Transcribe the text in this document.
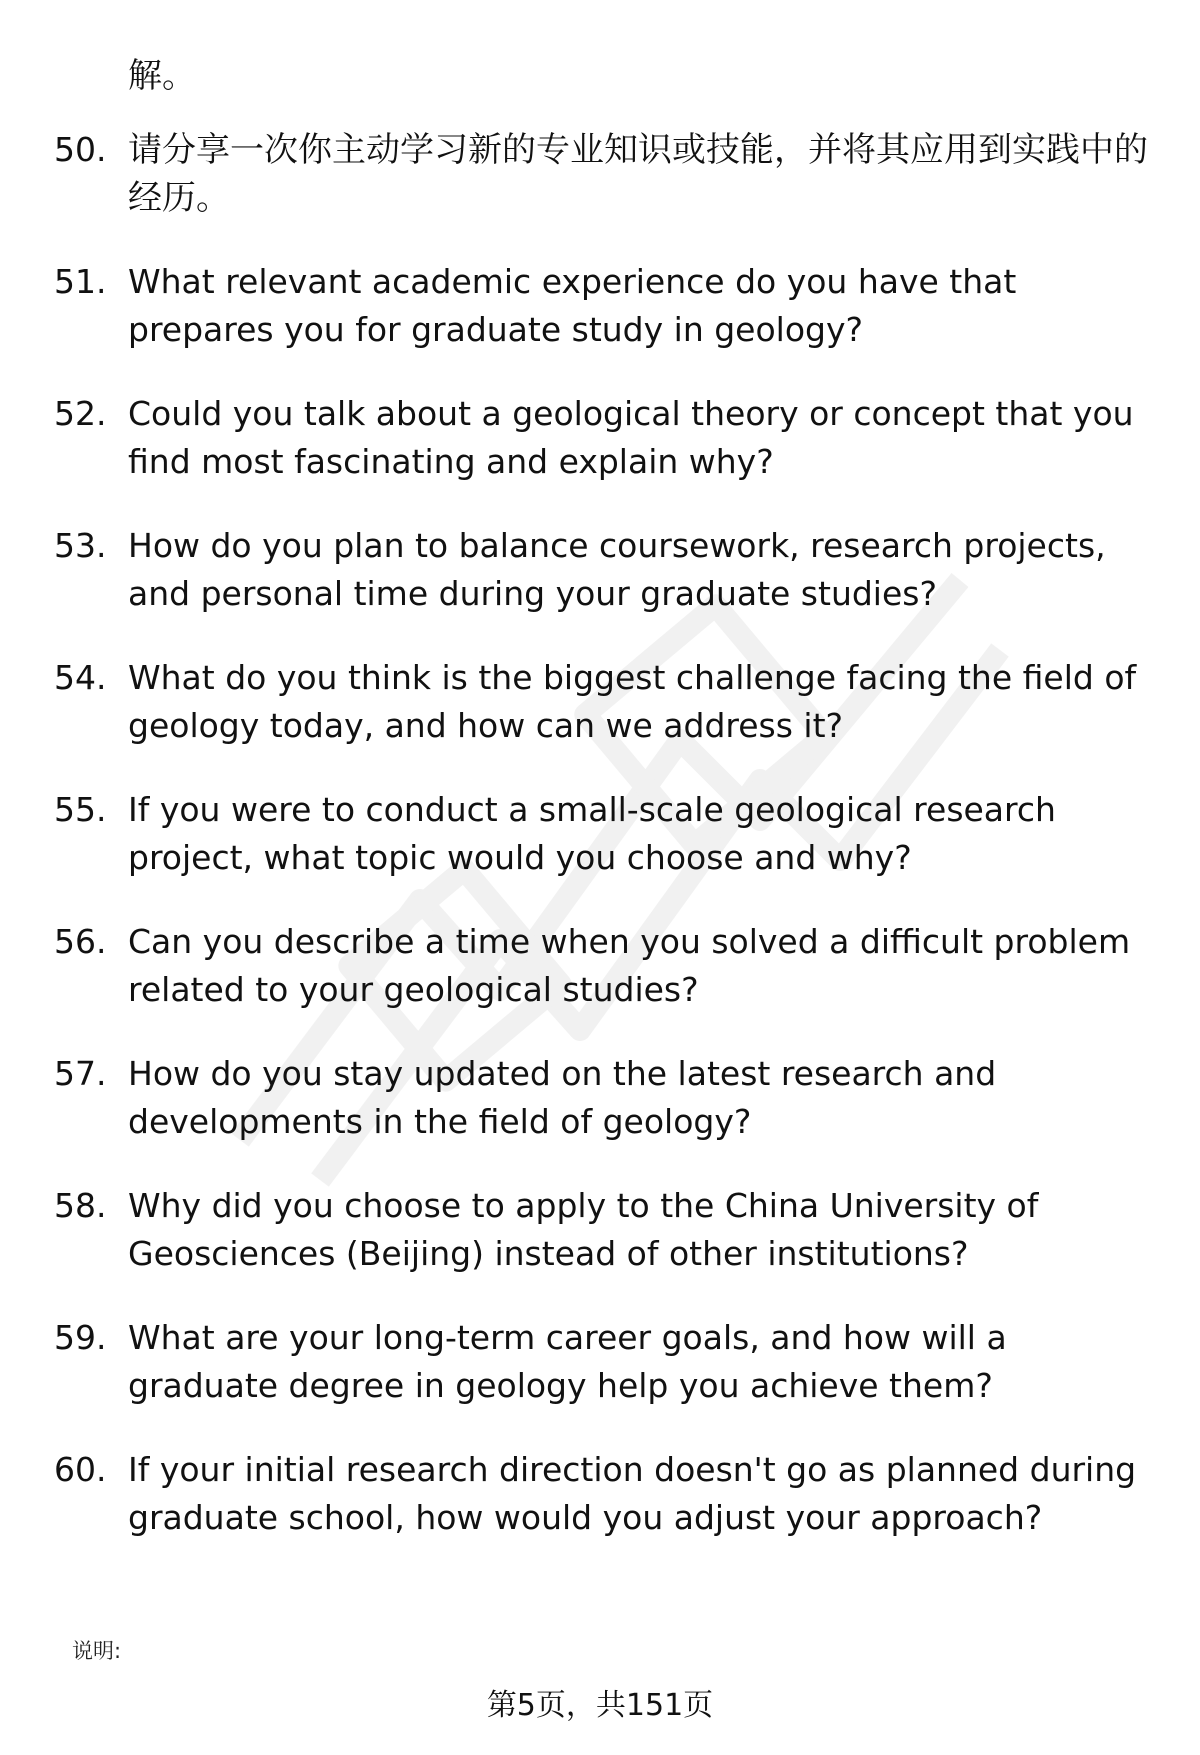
解。
50. 请分享一次你主动学习新的专业知识或技能，并将其应用到实践中的经历。
51. What relevant academic experience do you have that prepares you for graduate study in geology?
52. Could you talk about a geological theory or concept that you find most fascinating and explain why?
53. How do you plan to balance coursework, research projects, and personal time during your graduate studies?
54. What do you think is the biggest challenge facing the field of geology today, and how can we address it?
55. If you were to conduct a small-scale geological research project, what topic would you choose and why?
56. Can you describe a time when you solved a difficult problem related to your geological studies?
57. How do you stay updated on the latest research and developments in the field of geology?
58. Why did you choose to apply to the China University of Geosciences (Beijing) instead of other institutions?
59. What are your long-term career goals, and how will a graduate degree in geology help you achieve them?
60. If your initial research direction doesn't go as planned during graduate school, how would you adjust your approach?
说明:
第5页，共151页
